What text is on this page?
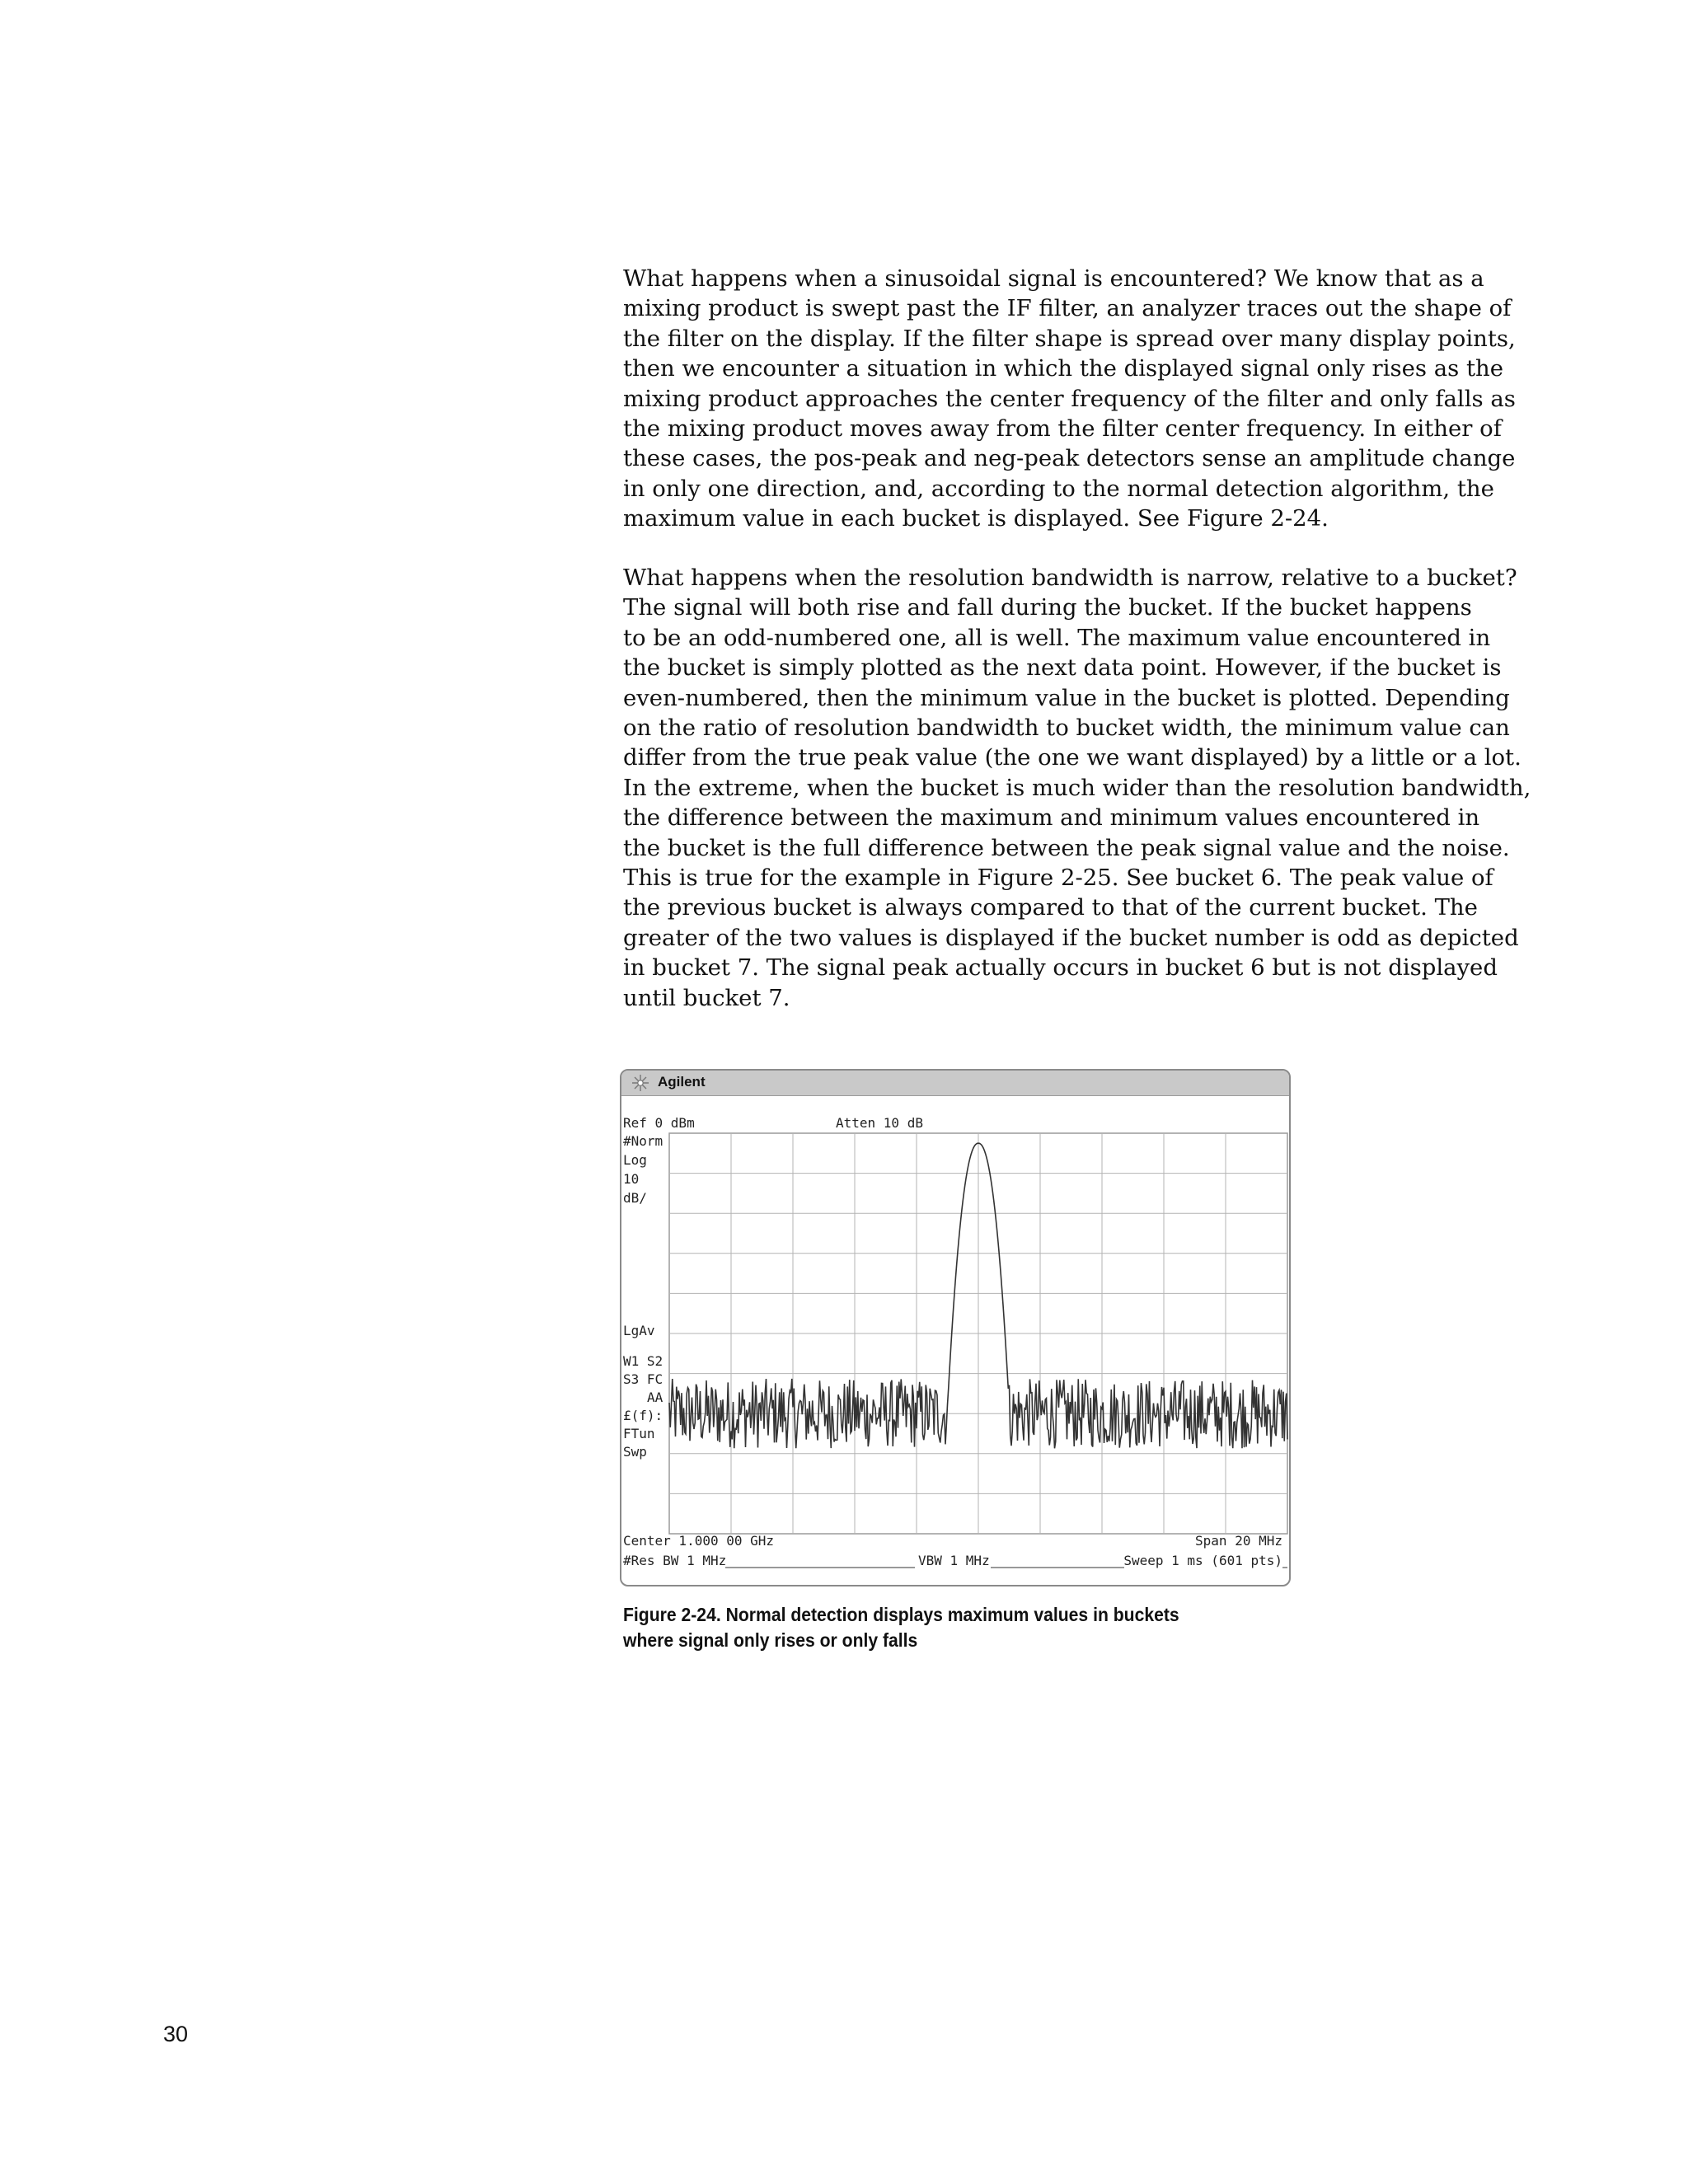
What happens when a sinusoidal signal is encountered? We know that as a
mixing product is swept past the IF filter, an analyzer traces out the shape of
the filter on the display. If the filter shape is spread over many display points,
then we encounter a situation in which the displayed signal only rises as the
mixing product approaches the center frequency of the filter and only falls as
the mixing product moves away from the filter center frequency. In either of
these cases, the pos-peak and neg-peak detectors sense an amplitude change
in only one direction, and, according to the normal detection algorithm, the
maximum value in each bucket is displayed. See Figure 2-24.
What happens when the resolution bandwidth is narrow, relative to a bucket?
The signal will both rise and fall during the bucket. If the bucket happens
to be an odd-numbered one, all is well. The maximum value encountered in
the bucket is simply plotted as the next data point. However, if the bucket is
even-numbered, then the minimum value in the bucket is plotted. Depending
on the ratio of resolution bandwidth to bucket width, the minimum value can
differ from the true peak value (the one we want displayed) by a little or a lot.
In the extreme, when the bucket is much wider than the resolution bandwidth,
the difference between the maximum and minimum values encountered in
the bucket is the full difference between the peak signal value and the noise.
This is true for the example in Figure 2-25. See bucket 6. The peak value of
the previous bucket is always compared to that of the current bucket. The
greater of the two values is displayed if the bucket number is odd as depicted
in bucket 7. The signal peak actually occurs in bucket 6 but is not displayed
until bucket 7.
Agilent
Ref 0 dBm	Atten 10 dB
#Norm
Log
10
dB/
LgAv
W1 S2
S3 FC
AA
£(f):
FTun
Swp
Center 1.000 00 GHz	Span 20 MHz
#Res BW 1 MHz	VBW 1 MHz	Sweep 1 ms (601 pts)
Figure 2-24. Normal detection displays maximum values in buckets
where signal only rises or only falls
30
